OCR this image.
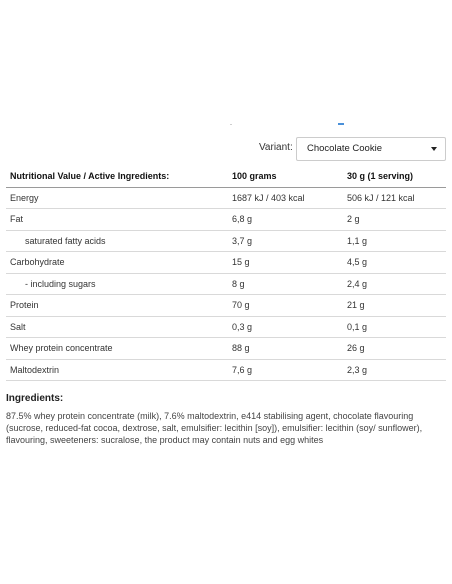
Variant: Chocolate Cookie
Nutritional Value / Active Ingredients:	100 grams	30 g (1 serving)
Energy	1687 kJ / 403 kcal	506 kJ / 121 kcal
Fat	6,8 g	2 g
saturated fatty acids	3,7 g	1,1 g
Carbohydrate	15 g	4,5 g
- including sugars	8 g	2,4 g
Protein	70 g	21 g
Salt	0,3 g	0,1 g
Whey protein concentrate	88 g	26 g
Maltodextrin	7,6 g	2,3 g
Ingredients:

87.5% whey protein concentrate (milk), 7.6% maltodextrin, e414 stabilising agent, chocolate flavouring (sucrose, reduced-fat cocoa, dextrose, salt, emulsifier: lecithin [soy]), emulsifier: lecithin (soy/ sunflower), flavouring, sweeteners: sucralose, the product may contain nuts and egg whites
